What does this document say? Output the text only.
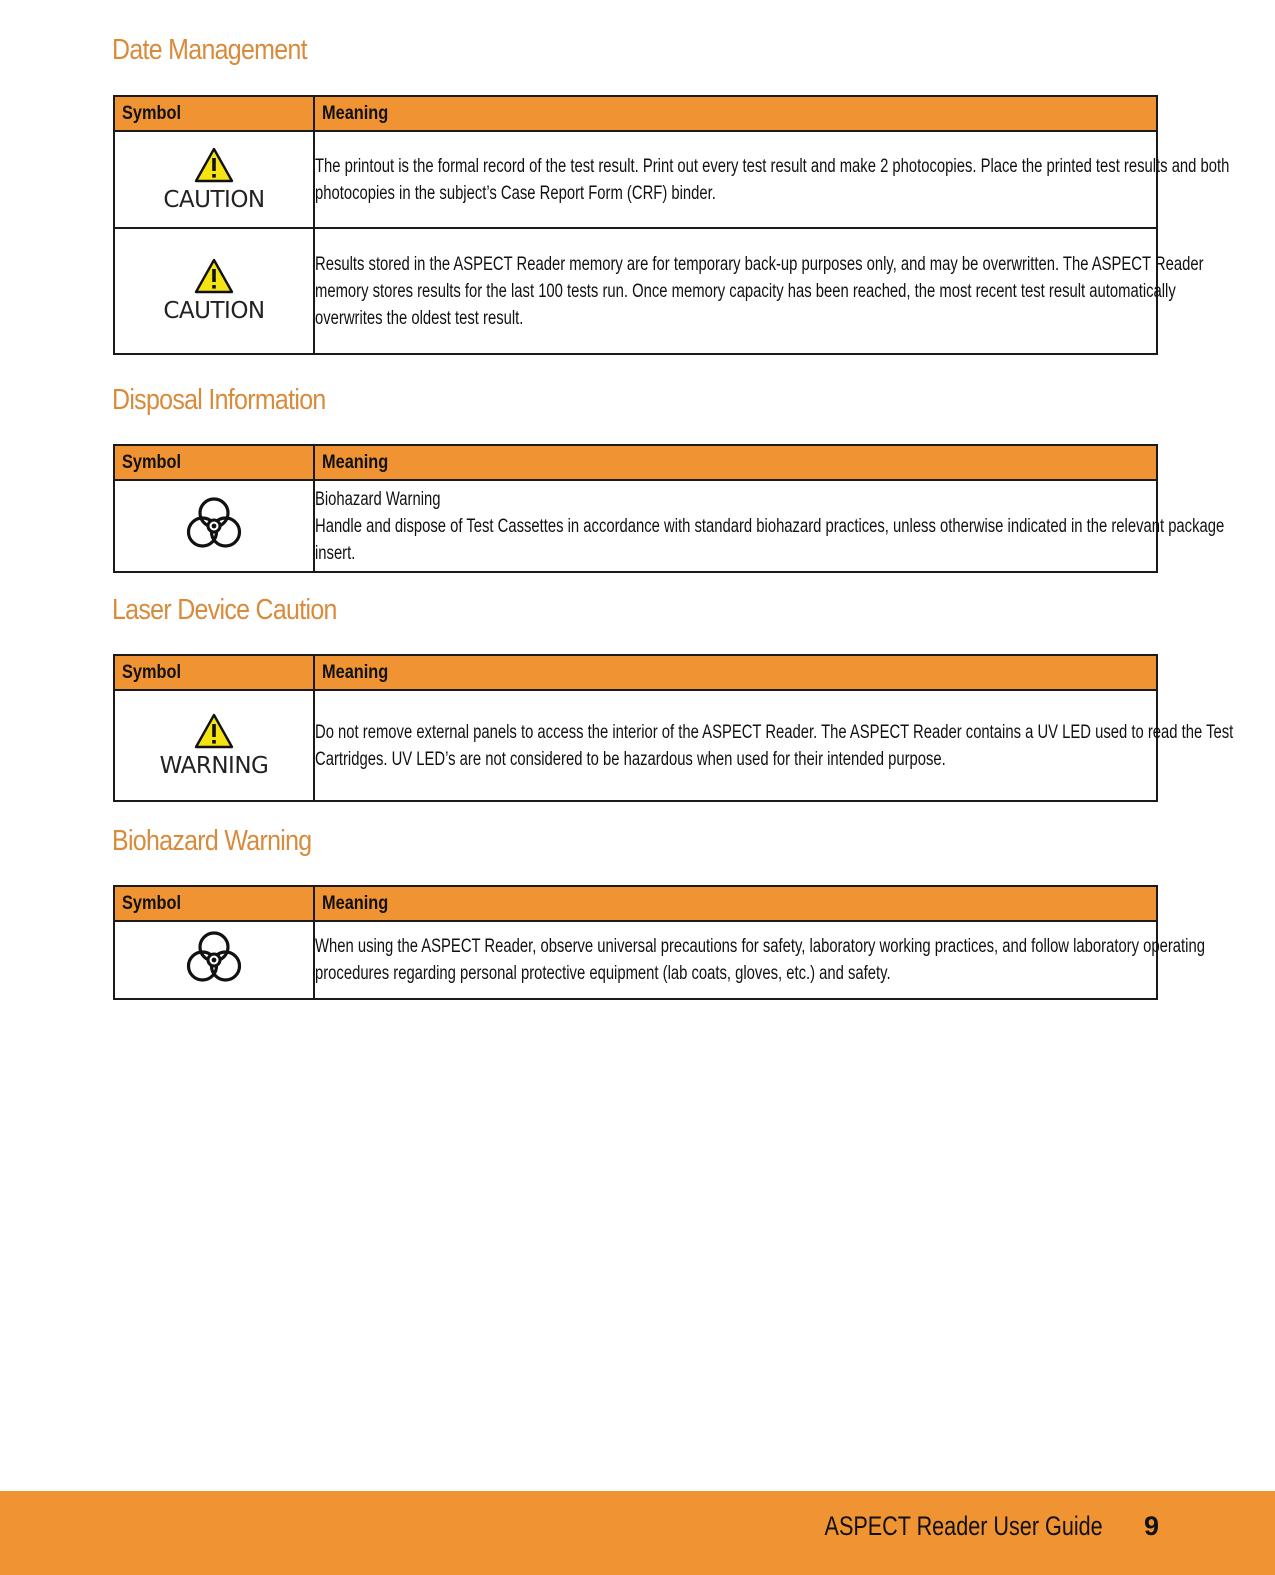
Date Management
Symbol	Meaning

CAUTION	The printout is the formal record of the test result. Print out every test result and make 2 photocopies. Place the printed test results and both photocopies in the subject’s Case Report Form (CRF) binder.

CAUTION	Results stored in the ASPECT Reader memory are for temporary back-up purposes only, and may be overwritten. The ASPECT Reader memory stores results for the last 100 tests run. Once memory capacity has been reached, the most recent test result automatically overwrites the oldest test result.
Disposal Information
Symbol	Meaning

Biohazard Warning
Handle and dispose of Test Cassettes in accordance with standard biohazard practices, unless otherwise indicated in the relevant package insert.
Laser Device Caution
Symbol	Meaning

WARNING	Do not remove external panels to access the interior of the ASPECT Reader. The ASPECT Reader contains a UV LED used to read the Test Cartridges. UV LED’s are not considered to be hazardous when used for their intended purpose.
Biohazard Warning
Symbol	Meaning

When using the ASPECT Reader, observe universal precautions for safety, laboratory working practices, and follow laboratory operating procedures regarding personal protective equipment (lab coats, gloves, etc.) and safety.
ASPECT Reader User Guide 9
